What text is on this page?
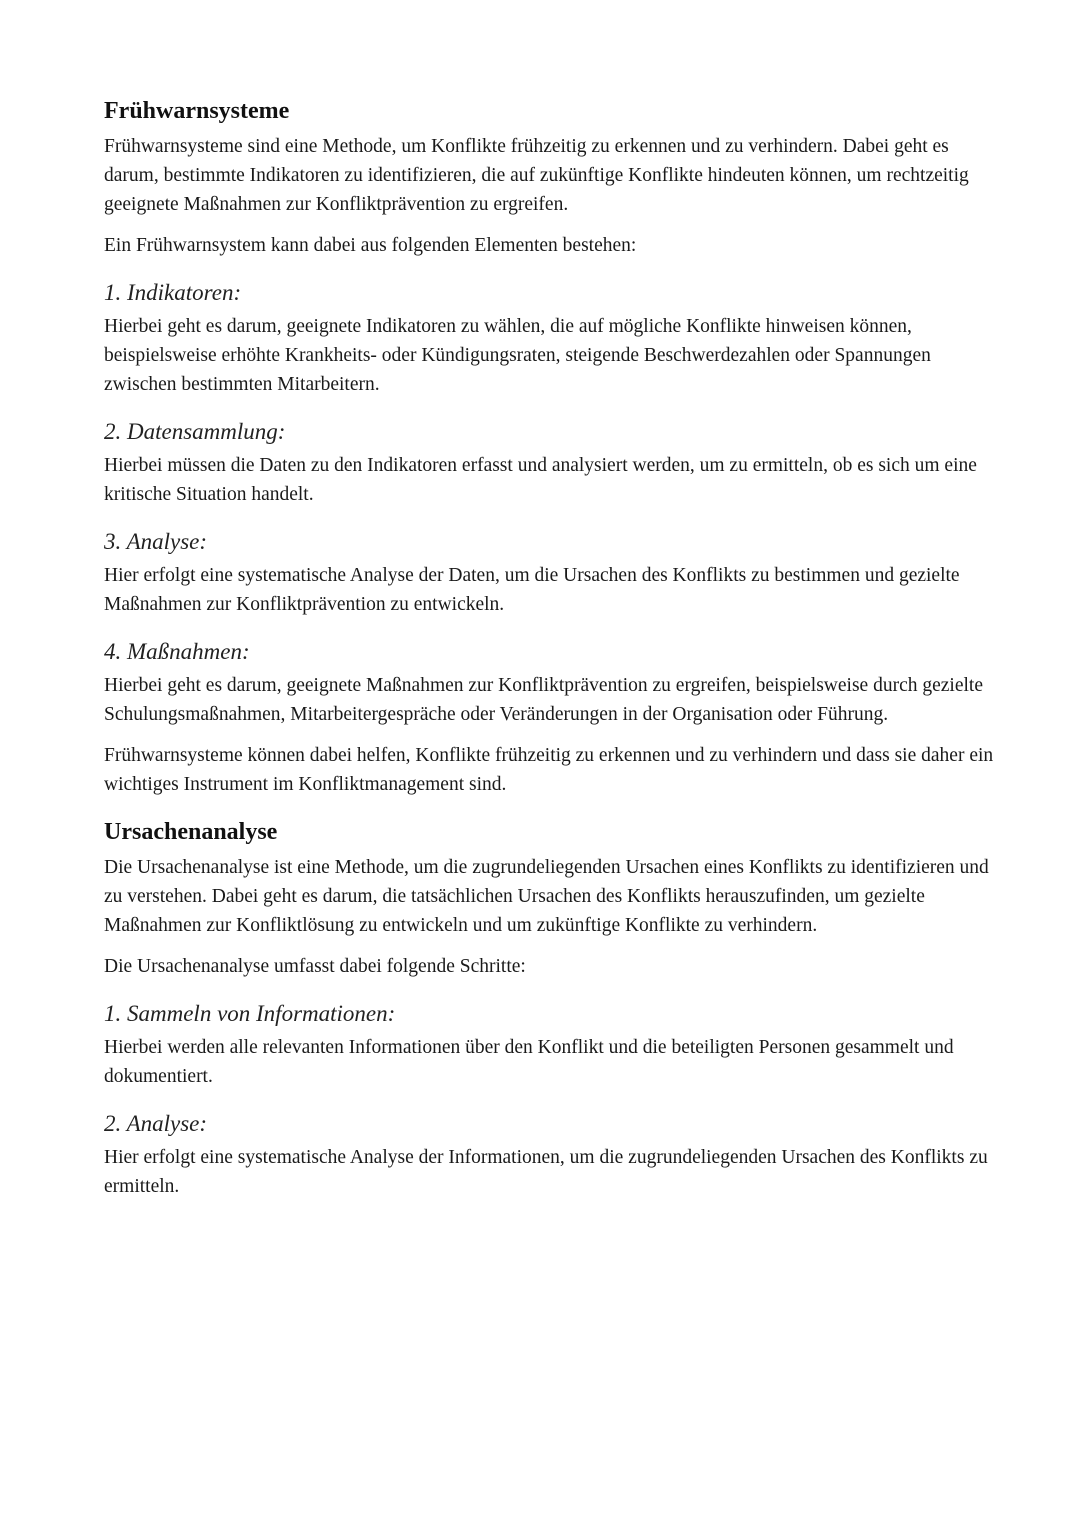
Frühwarnsysteme

Frühwarnsysteme sind eine Methode, um Konflikte frühzeitig zu erkennen und zu verhindern. Dabei geht es darum, bestimmte Indikatoren zu identifizieren, die auf zukünftige Konflikte hindeuten können, um rechtzeitig geeignete Maßnahmen zur Konfliktprävention zu ergreifen.

Ein Frühwarnsystem kann dabei aus folgenden Elementen bestehen:

1. Indikatoren:

Hierbei geht es darum, geeignete Indikatoren zu wählen, die auf mögliche Konflikte hinweisen können, beispielsweise erhöhte Krankheits- oder Kündigungsraten, steigende Beschwerdezahlen oder Spannungen zwischen bestimmten Mitarbeitern.

2. Datensammlung:

Hierbei müssen die Daten zu den Indikatoren erfasst und analysiert werden, um zu ermitteln, ob es sich um eine kritische Situation handelt.

3. Analyse:

Hier erfolgt eine systematische Analyse der Daten, um die Ursachen des Konflikts zu bestimmen und gezielte Maßnahmen zur Konfliktprävention zu entwickeln.

4. Maßnahmen:

Hierbei geht es darum, geeignete Maßnahmen zur Konfliktprävention zu ergreifen, beispielsweise durch gezielte Schulungsmaßnahmen, Mitarbeitergespräche oder Veränderungen in der Organisation oder Führung.

Frühwarnsysteme können dabei helfen, Konflikte frühzeitig zu erkennen und zu verhindern und dass sie daher ein wichtiges Instrument im Konfliktmanagement sind.

Ursachenanalyse

Die Ursachenanalyse ist eine Methode, um die zugrundeliegenden Ursachen eines Konflikts zu identifizieren und zu verstehen. Dabei geht es darum, die tatsächlichen Ursachen des Konflikts herauszufinden, um gezielte Maßnahmen zur Konfliktlösung zu entwickeln und um zukünftige Konflikte zu verhindern.

Die Ursachenanalyse umfasst dabei folgende Schritte:

1. Sammeln von Informationen:

Hierbei werden alle relevanten Informationen über den Konflikt und die beteiligten Personen gesammelt und dokumentiert.

2. Analyse:

Hier erfolgt eine systematische Analyse der Informationen, um die zugrundeliegenden Ursachen des Konflikts zu ermitteln.
